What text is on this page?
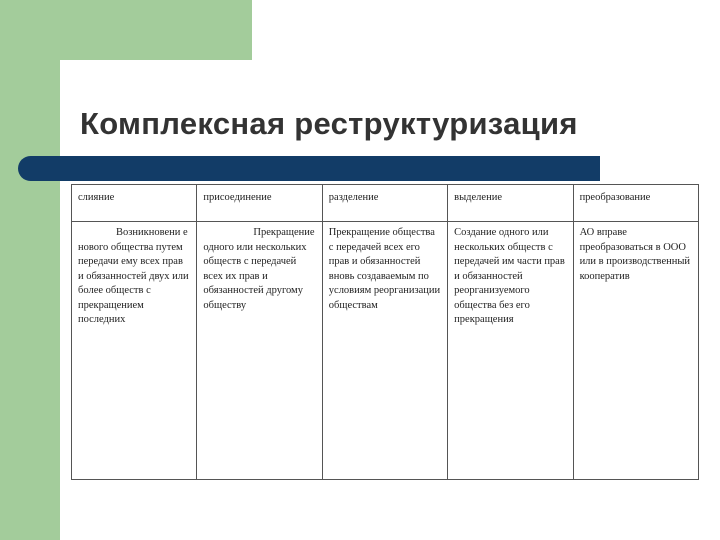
Комплексная реструктуризация
слияние	присоединение	разделение	выделение	преобразование
Возникновени е нового общества путем передачи ему всех прав и обязанностей двух или более обществ с прекращением последних	Прекращение одного или нескольких обществ с передачей всех их прав и обязанностей другому обществу	Прекращение общества с передачей всех его прав и обязанностей вновь создаваемым по условиям реорганизации обществам	Создание одного или нескольких обществ с передачей им части прав и обязанностей реорганизуемого общества без его прекращения	АО вправе преобразоваться в ООО или в производственный кооператив
